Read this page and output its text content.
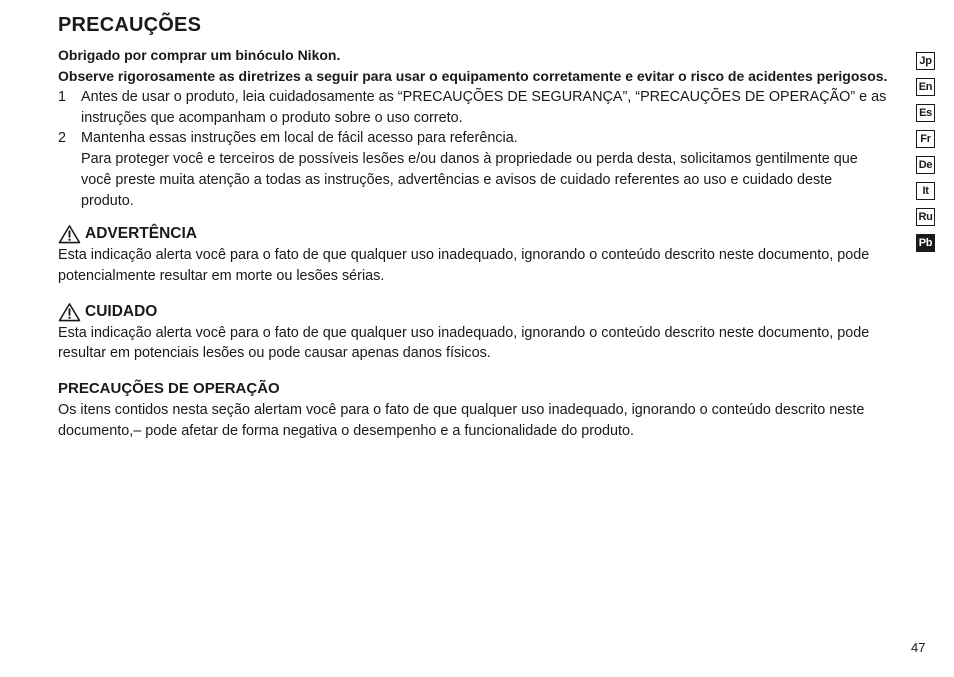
PRECAUÇÕES

Obrigado por comprar um binóculo Nikon.

Observe rigorosamente as diretrizes a seguir para usar o equipamento corretamente e evitar o risco de acidentes perigosos.

1	Antes de usar o produto, leia cuidadosamente as “PRECAUÇÕES DE SEGURANÇA”, “PRECAUÇÕES DE OPERAÇÃO” e as instruções que acompanham o produto sobre o uso correto.
2	Mantenha essas instruções em local de fácil acesso para referência.
Para proteger você e terceiros de possíveis lesões e/ou danos à propriedade ou perda desta, solicitamos gentilmente que você preste muita atenção a todas as instruções, advertências e avisos de cuidado referentes ao uso e cuidado deste produto.
ADVERTÊNCIA

Esta indicação alerta você para o fato de que qualquer uso inadequado, ignorando o conteúdo descrito neste documento, pode potencialmente resultar em morte ou lesões sérias.

CUIDADO

Esta indicação alerta você para o fato de que qualquer uso inadequado, ignorando o conteúdo descrito neste documento, pode resultar em potenciais lesões ou pode causar apenas danos físicos.

PRECAUÇÕES DE OPERAÇÃO

Os itens contidos nesta seção alertam você para o fato de que qualquer uso inadequado, ignorando o conteúdo descrito neste documento,– pode afetar de forma negativa o desempenho e a funcionalidade do produto.

Jp
En
Es
Fr
De
It
Ru
Pb
47
